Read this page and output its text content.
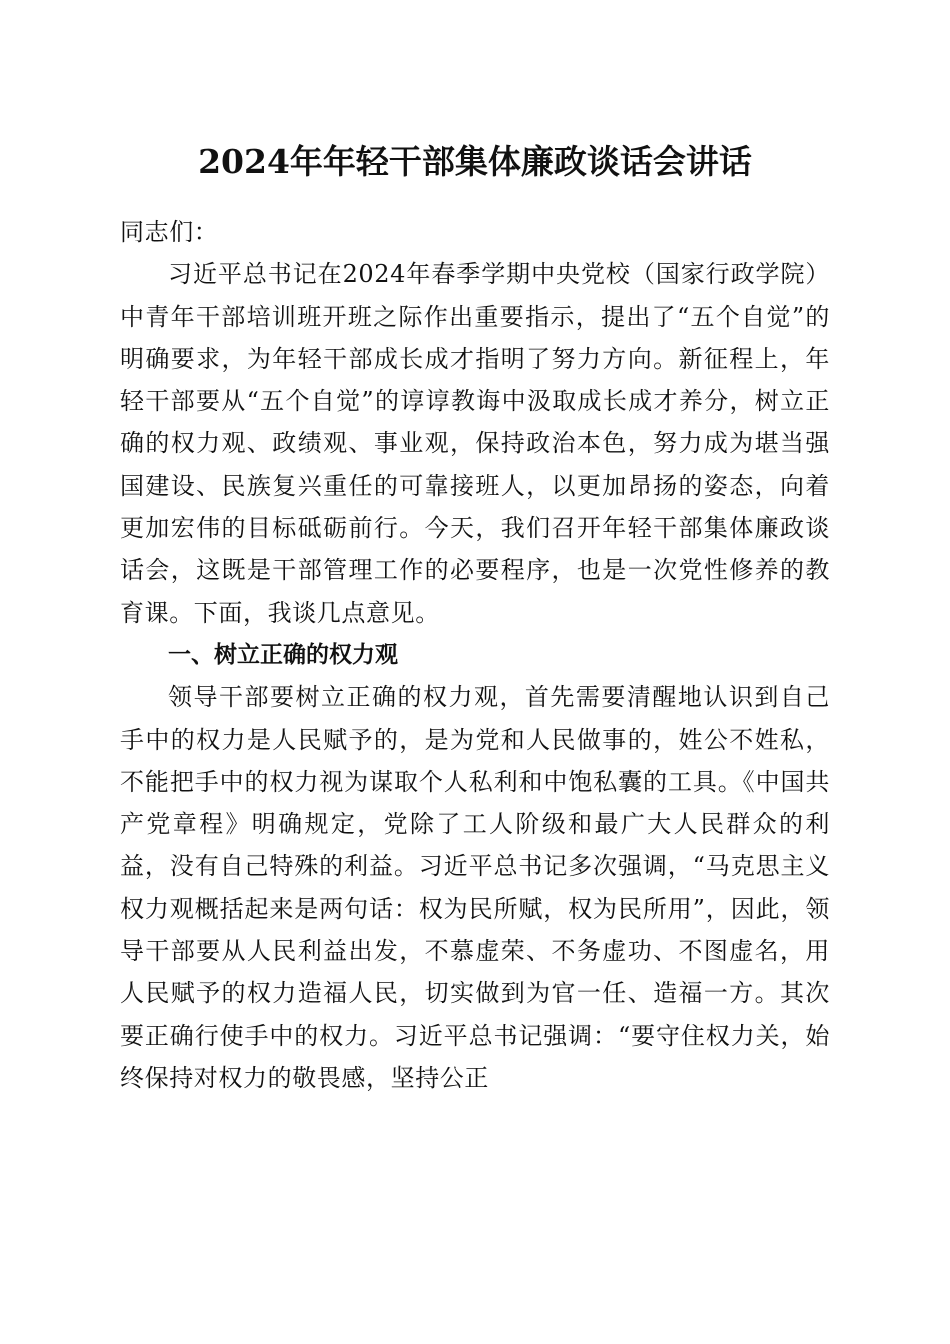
2024年年轻干部集体廉政谈话会讲话

同志们：

习近平总书记在2024年春季学期中央党校（国家行政学院）中青年干部培训班开班之际作出重要指示，提出了“五个自觉”的明确要求，为年轻干部成长成才指明了努力方向。新征程上，年轻干部要从“五个自觉”的谆谆教诲中汲取成长成才养分，树立正确的权力观、政绩观、事业观，保持政治本色，努力成为堪当强国建设、民族复兴重任的可靠接班人，以更加昂扬的姿态，向着更加宏伟的目标砥砺前行。今天，我们召开年轻干部集体廉政谈话会，这既是干部管理工作的必要程序，也是一次党性修养的教育课。下面，我谈几点意见。

一、树立正确的权力观

领导干部要树立正确的权力观，首先需要清醒地认识到自己手中的权力是人民赋予的，是为党和人民做事的，姓公不姓私，不能把手中的权力视为谋取个人私利和中饱私囊的工具。《中国共产党章程》明确规定，党除了工人阶级和最广大人民群众的利益，没有自己特殊的利益。习近平总书记多次强调，“马克思主义权力观概括起来是两句话：权为民所赋，权为民所用”，因此，领导干部要从人民利益出发，不慕虚荣、不务虚功、不图虚名，用人民赋予的权力造福人民，切实做到为官一任、造福一方。其次要正确行使手中的权力。习近平总书记强调：“要守住权力关，始终保持对权力的敬畏感，坚持公正
